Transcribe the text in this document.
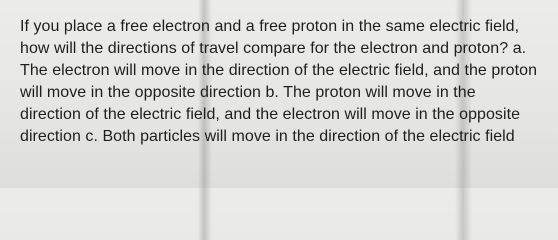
If you place a free electron and a free proton in the same electric field, how will the directions of travel compare for the electron and proton? a. The electron will move in the direction of the electric field, and the proton will move in the opposite direction b. The proton will move in the direction of the electric field, and the electron will move in the opposite direction c. Both particles will move in the direction of the electric field
